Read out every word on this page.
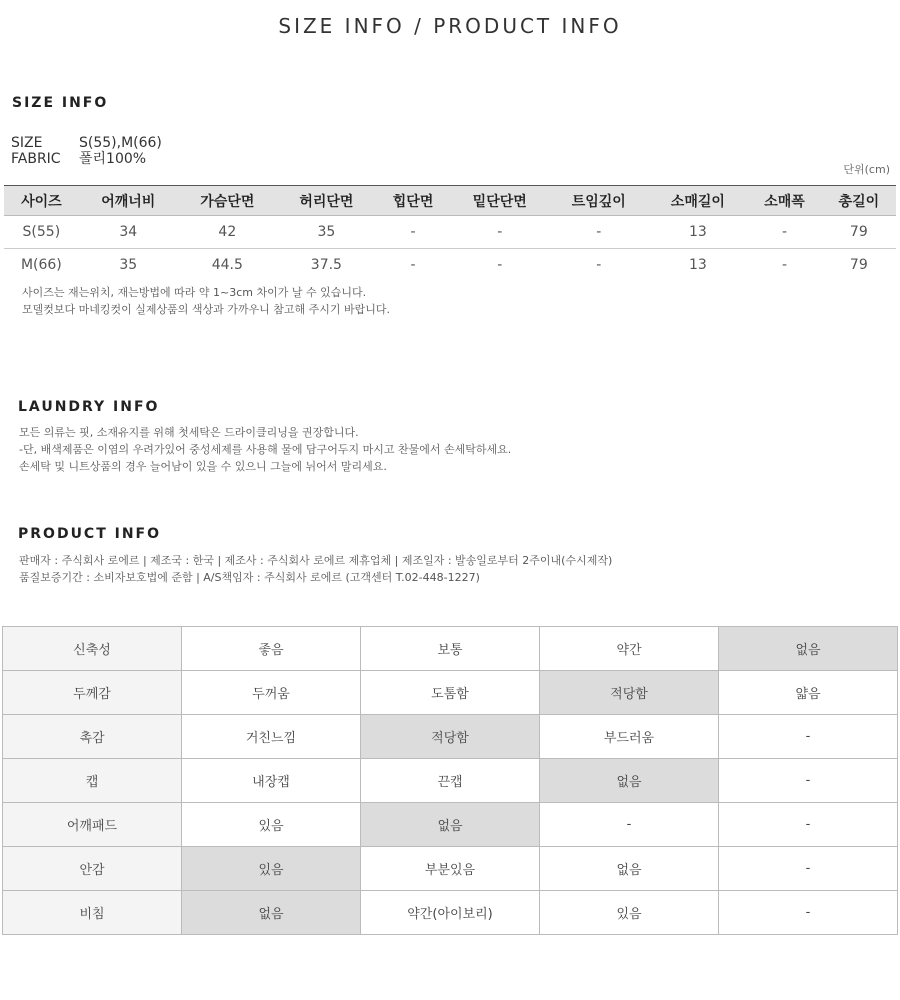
SIZE INFO / PRODUCT INFO
SIZE INFO
SIZE	S(55),M(66)
FABRIC 폴리100%
단위(cm)
사이즈	어깨너비	가슴단면	허리단면	힙단면	밑단단면	트임깊이	소매길이	소매폭	총길이
S(55)	34	42	35	-	-	-	13	-	79
M(66)	35	44.5	37.5	-	-	-	13	-	79
사이즈는 재는위치, 재는방법에 따라 약 1~3cm 차이가 날 수 있습니다.
모델컷보다 마네킹컷이 실제상품의 색상과 가까우니 참고해 주시기 바랍니다.
LAUNDRY INFO
모든 의류는 핏, 소재유지를 위해 첫세탁은 드라이클리닝을 권장합니다.
-단, 배색제품은 이염의 우려가있어 중성세제를 사용해 물에 담구어두지 마시고 찬물에서 손세탁하세요.
손세탁 및 니트상품의 경우 늘어남이 있을 수 있으니 그늘에 뉘어서 말리세요.
PRODUCT INFO
판매자 : 주식회사 로에르 | 제조국 : 한국 | 제조사 : 주식회사 로에르 제휴업체 | 제조일자 : 발송일로부터 2주이내(수시제작)
품질보증기간 : 소비자보호법에 준함 | A/S책임자 : 주식회사 로에르 (고객센터 T.02-448-1227)
신축성	좋음	보통	약간	없음
두께감	두꺼움	도톰함	적당함	얇음
촉감	거친느낌	적당함	부드러움	-
캡	내장캡	끈캡	없음	-
어깨패드	있음	없음	-	-
안감	있음	부분있음	없음	-
비침	없음	약간(아이보리)	있음	-
